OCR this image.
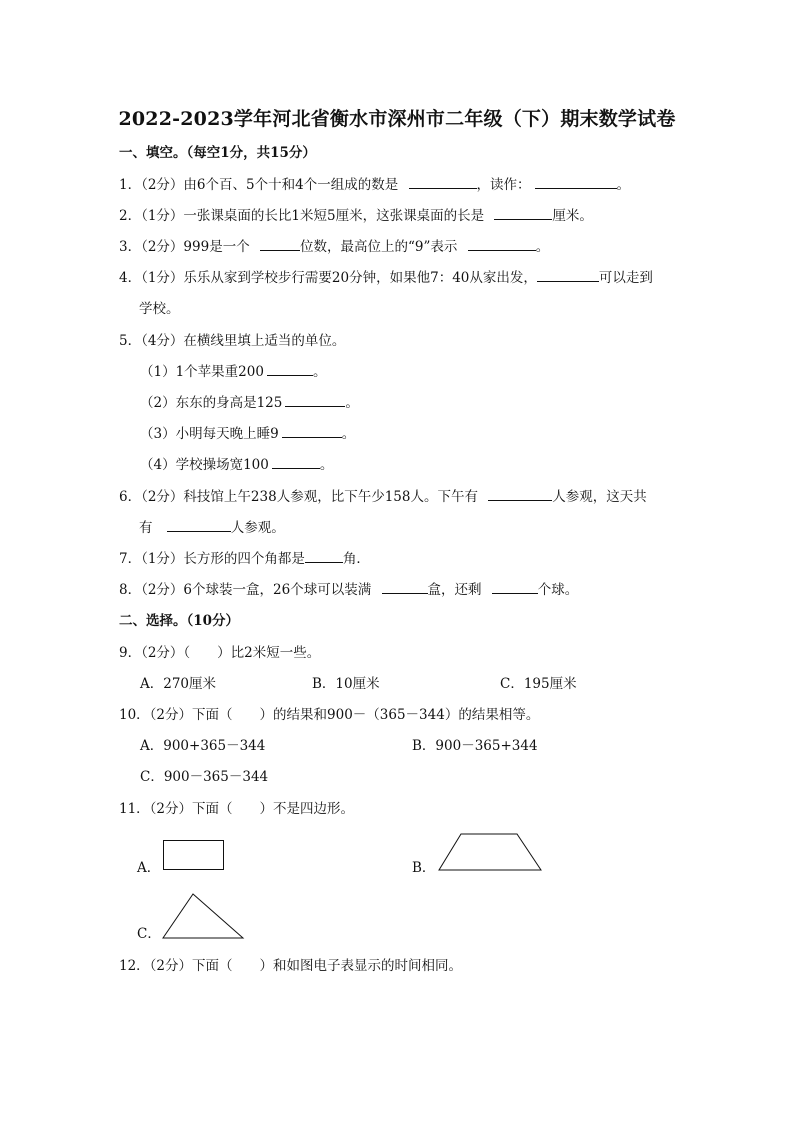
2022-2023学年河北省衡水市深州市二年级（下）期末数学试卷
一、填空。（每空1分，共15分）
1．（2分）由6个百、5个十和4个一组成的数是	，读作：	。
2．（1分）一张课桌面的长比1米短5厘米，这张课桌面的长是	厘米。
3．（2分）999是一个	位数，最高位上的“9”表示	。
4．（1分）乐乐从家到学校步行需要20分钟，如果他7：40从家出发，	可以走到
学校。
5．（4分）在横线里填上适当的单位。
（1）1个苹果重200	。
（2）东东的身高是125	。
（3）小明每天晚上睡9	。
（4）学校操场宽100	。
6．（2分）科技馆上午238人参观，比下午少158人。下午有	人参观，这天共
有	人参观。
7．（1分）长方形的四个角都是	角．
8．（2分）6个球装一盒，26个球可以装满	盒，还剩	个球。
二、选择。（10分）
9．（2分）（　　）比2米短一些。
A．270厘米	B．10厘米	C．195厘米
10．（2分）下面（　　）的结果和900－（365－344）的结果相等。
A．900+365－344	B．900－365+344
C．900－365－344
11．（2分）下面（　　）不是四边形。
A．	B．
C．
12．（2分）下面（　　）和如图电子表显示的时间相同。
